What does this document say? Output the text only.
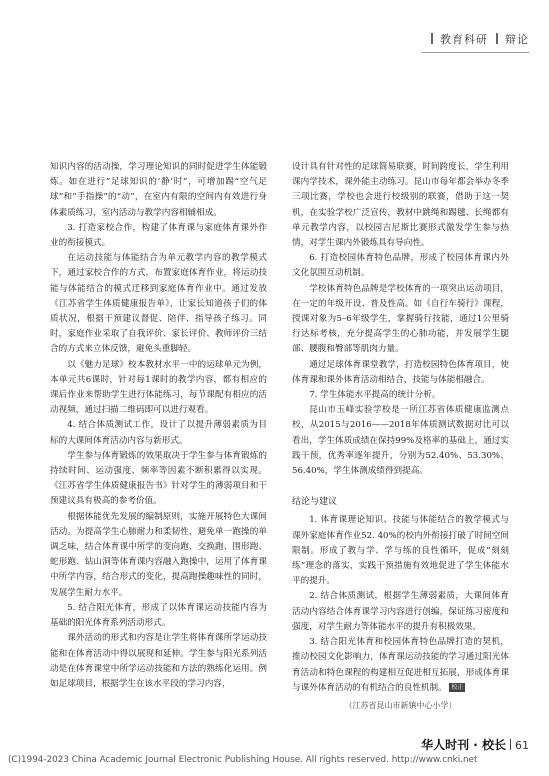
教育科研 辩论

知识内容的活动操，学习理论知识的同时促进学生体能锻炼。如在进行“足球知识的‘静’时”，可增加踢“空气足球”和“手指操”的“动”，在室内有限的空间内有效进行身体素质练习，室内活动与教学内容相辅相成。

3. 打造家校合作，构建了体育课与家庭体育课外作业的衔接模式。

在运动技能与体能结合为单元教学内容的教学模式下，通过家校合作的方式，布置家庭体育作业，将运动技能与体能结合的模式迁移到家庭体育作业中。通过发放《江苏省学生体质健康报告单》，让家长知道孩子们的体质状况，根据干预建议督促、陪伴、指导孩子练习。同时，家庭作业采取了自我评价、家长评价、教师评价三结合的方式来立体反馈，避免头重脚轻。

以《魅力足球》校本教材水平一中的运球单元为例，本单元共6课时，针对每1课时的教学内容，都有相应的课后作业来帮助学生进行体能练习，每节课配有相应的活动视频，通过扫描二维码即可以进行观看。

4. 结合体质测试工作，设计了以提升薄弱素质为目标的大课间体育活动内容与新形式。

学生参与体育锻炼的效果取决于学生参与体育锻炼的持续时间、运动强度、频率等因素不断积累得以实现。《江苏省学生体质健康报告书》针对学生的薄弱项目和干预建议具有极高的参考价值。

根据体能优先发展的编制原则，实施开展特色大课间活动。为提高学生心肺耐力和柔韧性，避免单一跑操的单调乏味，结合体育课中所学的变向跑、交换跑、围形跑、蛇形跑、钻山洞等体育课内容融入跑操中，运用了体育课中所学内容，结合形式的变化，提高跑操趣味性的同时，发展学生耐力水平。

5. 结合阳光体育，形成了以体育课运动技能内容为基础的阳光体育系列活动形式。

课外活动的形式和内容是让学生将体育课所学运动技能和在体育活动中得以展现和延伸。学生参与阳光系列活动是在体育课堂中所学运动技能和方法的熟练化运用。例如足球项目，根据学生在该水平段的学习内容，

设计具有针对性的足球简易联赛，时间跨度长，学生利用课内学技术，课外能主动练习。昆山市每年都会举办冬季三项比赛，学校也会进行校级别的联赛，借助于这一契机，在实验学校广泛宣传，教材中跳绳和踢毽、长绳都有单元教学内容，以校园吉尼斯比赛形式激发学生参与热情，对学生课内外锻炼具有导向性。

6. 打造校园体育特色品牌，形成了校园体育课内外文化氛围互动机制。

学校体育特色品牌是学校体育的一项突出运动项目，在一定的年级开设、普及性高。如《自行车骑行》课程，授课对象为5–6年级学生，掌握骑行技能，通过1公里骑行达标考核，充分提高学生的心肺功能，并发展学生腿部、腰腹和臀部等肌肉力量。

通过足球体育课堂教学，打造校园特色体育项目，使体育课和课外体育活动相结合，技能与体能相融合。

7. 学生体能水平提高的统计分析。

昆山市玉峰实验学校是一所江苏省体质健康监测点校，从2015与2016——2018年体质测试数据对比可以看出，学生体质成绩在保持99%及格率的基础上，通过实践干预，优秀率逐年提升，分别为52.40%、53.30%、56.40%，学生体测成绩得到提高。

结论与建议

1. 体育课理论知识、技能与体能结合的教学模式与课外家庭体育作业52. 40%的校内外衔接打破了时间空间限制。形成了教与学、学与练的良性循环，促成“刻刻练”理念的落实，实践干预措施有效地促进了学生体能水平的提升。

2. 结合体质测试，根据学生薄弱素质，大课间体育活动内容结合体育课学习内容进行创编，保证练习密度和强度，对学生耐力等体能水平的提升有积极效果。

3. 结合阳光体育和校园体育特色品牌打造的契机，推动校园文化影响力，体育课运动技能的学习通过阳光体育活动和特色课程的构建相互促进相互拓展，形成体育课与课外体育活动的有机结合的良性机制。 校正

（江苏省昆山市新镇中心小学）

华人时刊 · 校长 61
(C)1994-2023 China Academic Journal Electronic Publishing House. All rights reserved. http://www.cnki.net
